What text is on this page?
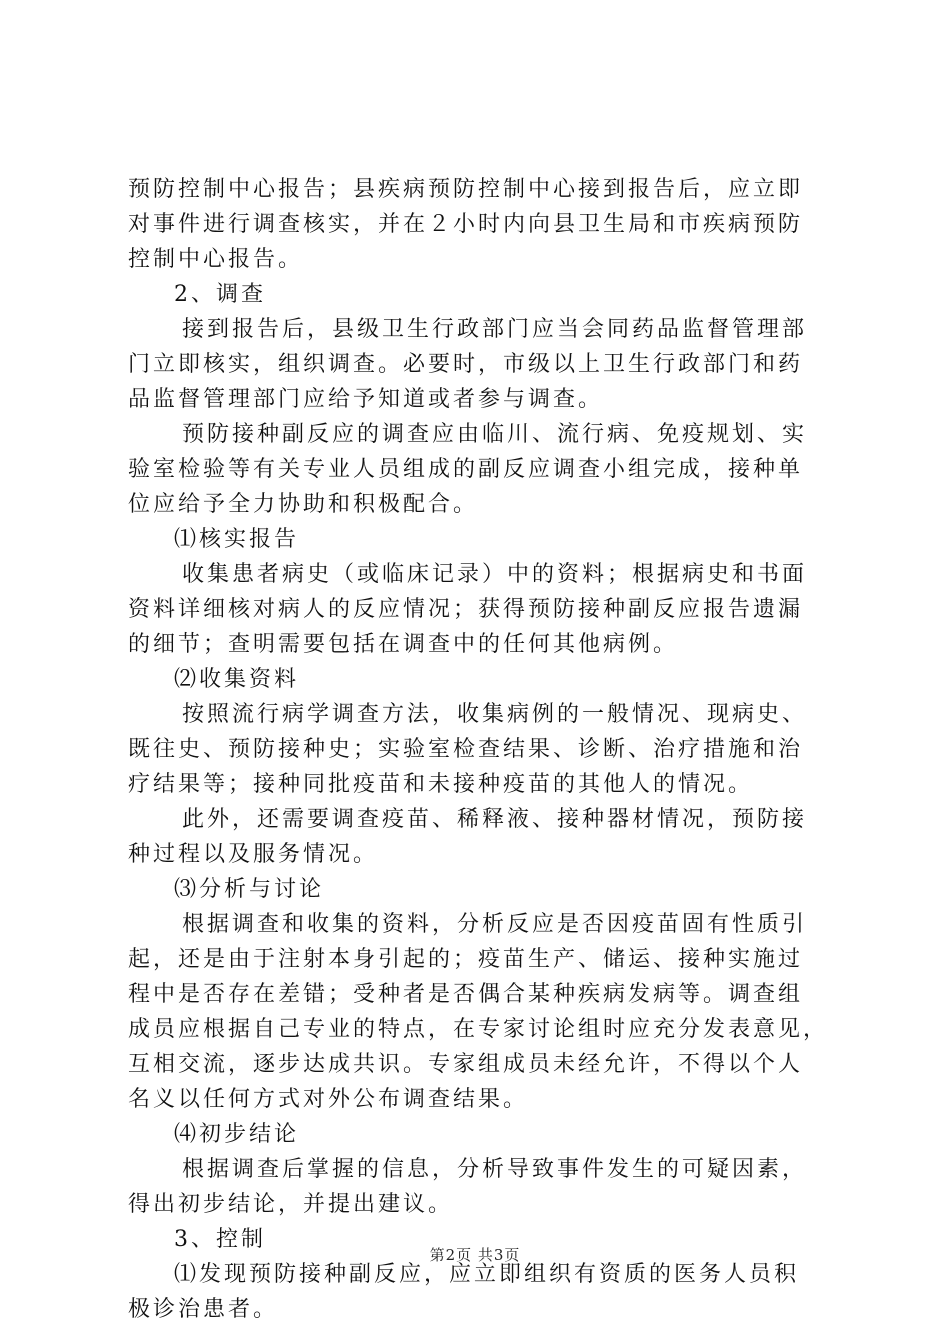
预防控制中心报告；县疾病预防控制中心接到报告后，应立即
对事件进行调查核实，并在２小时内向县卫生局和市疾病预防
控制中心报告。
2、调查
接到报告后，县级卫生行政部门应当会同药品监督管理部
门立即核实，组织调查。必要时，市级以上卫生行政部门和药
品监督管理部门应给予知道或者参与调查。
预防接种副反应的调查应由临川、流行病、免疫规划、实
验室检验等有关专业人员组成的副反应调查小组完成，接种单
位应给予全力协助和积极配合。
⑴核实报告
收集患者病史（或临床记录）中的资料；根据病史和书面
资料详细核对病人的反应情况；获得预防接种副反应报告遗漏
的细节；查明需要包括在调查中的任何其他病例。
⑵收集资料
按照流行病学调查方法，收集病例的一般情况、现病史、
既往史、预防接种史；实验室检查结果、诊断、治疗措施和治
疗结果等；接种同批疫苗和未接种疫苗的其他人的情况。
此外，还需要调查疫苗、稀释液、接种器材情况，预防接
种过程以及服务情况。
⑶分析与讨论
根据调查和收集的资料，分析反应是否因疫苗固有性质引
起，还是由于注射本身引起的；疫苗生产、储运、接种实施过
程中是否存在差错；受种者是否偶合某种疾病发病等。调查组
成员应根据自己专业的特点，在专家讨论组时应充分发表意见，
互相交流，逐步达成共识。专家组成员未经允许，不得以个人
名义以任何方式对外公布调查结果。
⑷初步结论
根据调查后掌握的信息，分析导致事件发生的可疑因素，
得出初步结论，并提出建议。
3、控制
⑴发现预防接种副反应，应立即组织有资质的医务人员积
极诊治患者。
第2页 共3页
